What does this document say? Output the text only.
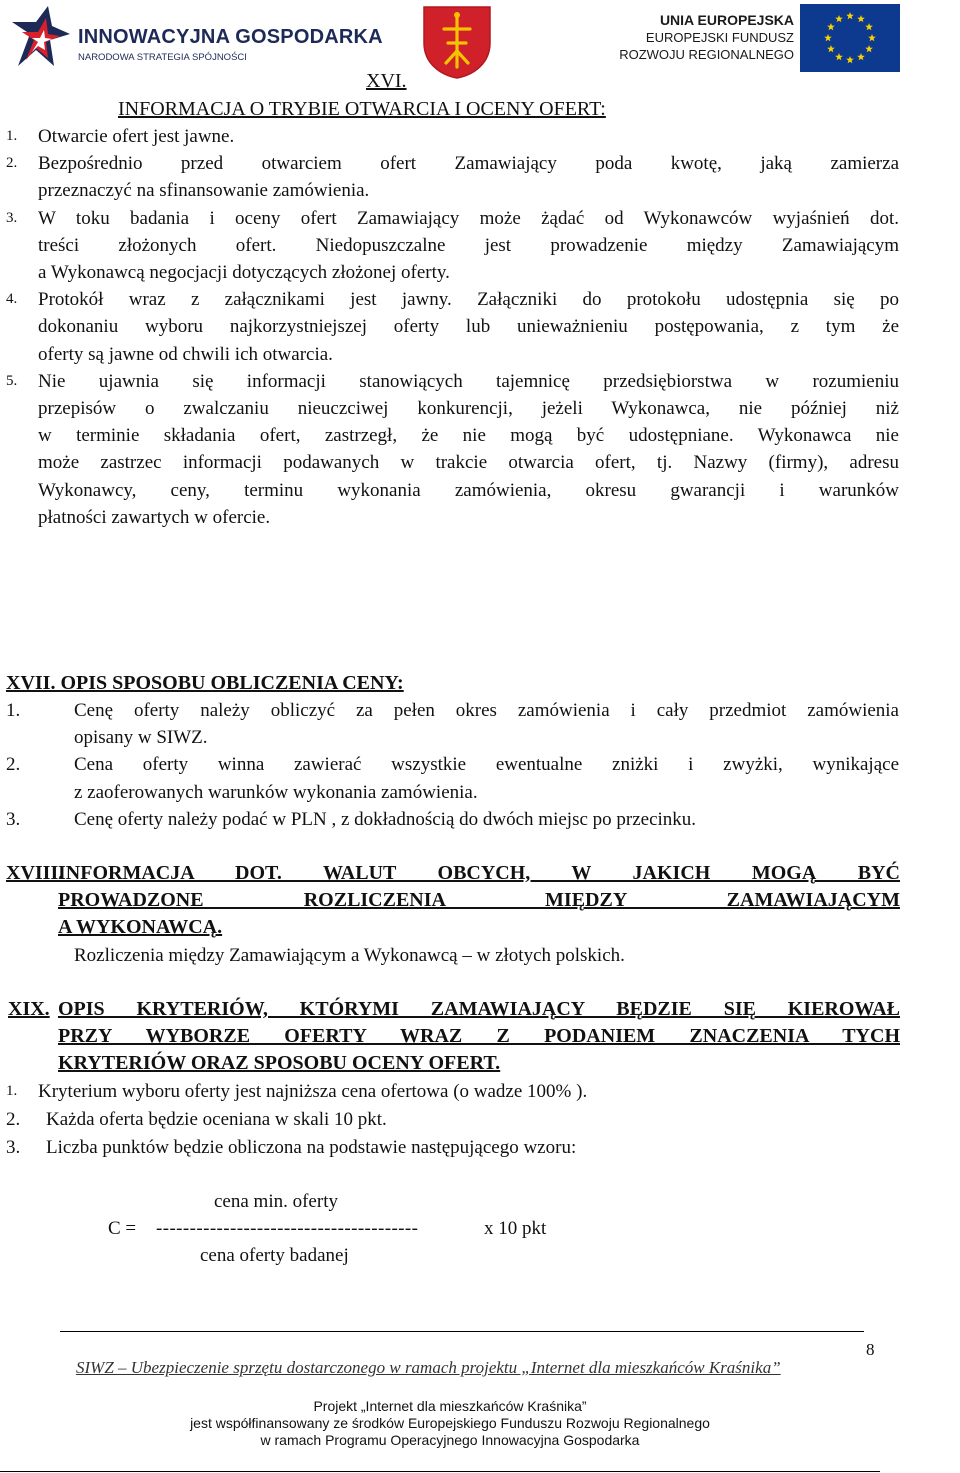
INNOWACYJNA GOSPODARKA
NARODOWA STRATEGIA SPÓJNOŚCI
UNIA EUROPEJSKA
EUROPEJSKI FUNDUSZ
ROZWOJU REGIONALNEGO
XVI.
INFORMACJA O TRYBIE OTWARCIA I OCENY OFERT:
1. Otwarcie ofert jest jawne.
2. Bezpośrednio przed otwarciem ofert Zamawiający poda kwotę, jaką zamierza
przeznaczyć na sfinansowanie zamówienia.
3. W toku badania i oceny ofert Zamawiający może żądać od Wykonawców wyjaśnień dot.
treści złożonych ofert. Niedopuszczalne jest prowadzenie między Zamawiającym
a Wykonawcą negocjacji dotyczących złożonej oferty.
4. Protokół wraz z załącznikami jest jawny. Załączniki do protokołu udostępnia się po
dokonaniu wyboru najkorzystniejszej oferty lub unieważnieniu postępowania, z tym że
oferty są jawne od chwili ich otwarcia.
5. Nie ujawnia się informacji stanowiących tajemnicę przedsiębiorstwa w rozumieniu
przepisów o zwalczaniu nieuczciwej konkurencji, jeżeli Wykonawca, nie później niż
w terminie składania ofert, zastrzegł, że nie mogą być udostępniane. Wykonawca nie
może zastrzec informacji podawanych w trakcie otwarcia ofert, tj. Nazwy (firmy), adresu
Wykonawcy, ceny, terminu wykonania zamówienia, okresu gwarancji i warunków
płatności zawartych w ofercie.
XVII. OPIS SPOSOBU OBLICZENIA CENY:
1.	Cenę oferty należy obliczyć za pełen okres zamówienia i cały przedmiot zamówienia
opisany w SIWZ.
2.	Cena oferty winna zawierać wszystkie ewentualne zniżki i zwyżki, wynikające
z zaoferowanych warunków wykonania zamówienia.
3.	Cenę oferty należy podać w PLN , z dokładnością do dwóch miejsc po przecinku.
XVIII.
INFORMACJA DOT. WALUT OBCYCH, W JAKICH MOGĄ BYĆ
PROWADZONE ROZLICZENIA MIĘDZY ZAMAWIAJĄCYM
A WYKONAWCĄ.
Rozliczenia między Zamawiającym a Wykonawcą – w złotych polskich.
XIX. OPIS KRYTERIÓW, KTÓRYMI ZAMAWIAJĄCY BĘDZIE SIĘ KIEROWAŁ
PRZY WYBORZE OFERTY WRAZ Z PODANIEM ZNACZENIA TYCH
KRYTERIÓW ORAZ SPOSOBU OCENY OFERT.
1. Kryterium wyboru oferty jest najniższa cena ofertowa (o wadze 100% ).
2. Każda oferta będzie oceniana w skali 10 pkt.
3. Liczba punktów będzie obliczona na podstawie następującego wzoru:
cena min. oferty
C = ---------------------------------------	x 10 pkt
cena oferty badanej
8
SIWZ – Ubezpieczenie sprzętu dostarczonego w ramach projektu „Internet dla mieszkańców Kraśnika”
Projekt „Internet dla mieszkańców Kraśnika”
jest współfinansowany ze środków Europejskiego Funduszu Rozwoju Regionalnego
w ramach Programu Operacyjnego Innowacyjna Gospodarka
